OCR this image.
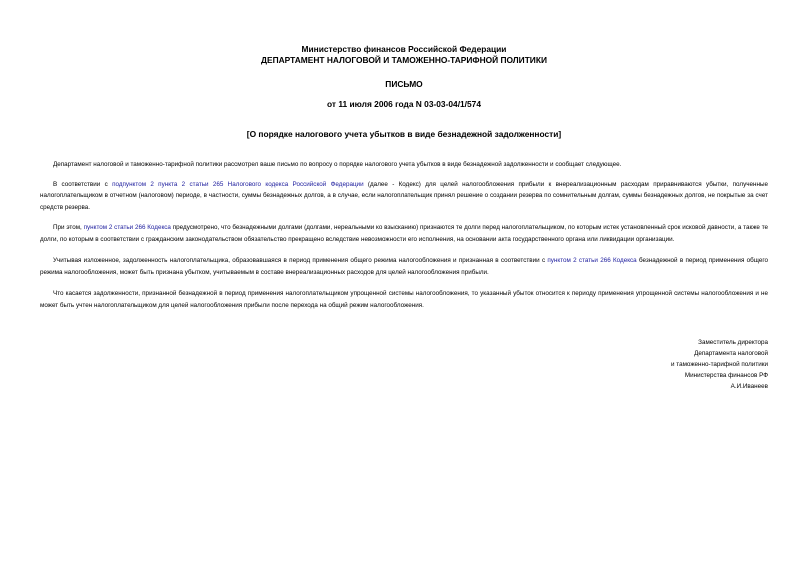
Министерство финансов Российской Федерации
ДЕПАРТАМЕНТ НАЛОГОВОЙ И ТАМОЖЕННО-ТАРИФНОЙ ПОЛИТИКИ
ПИСЬМО
от 11 июля 2006 года N 03-03-04/1/574
[О порядке налогового учета убытков в виде безнадежной задолженности]

Департамент налоговой и таможенно-тарифной политики рассмотрел ваше письмо по вопросу о порядке налогового учета убытков в виде безнадежной задолженности и сообщает следующее.

В соответствии с подпунктом 2 пункта 2 статьи 265 Налогового кодекса Российской Федерации (далее - Кодекс) для целей налогообложения прибыли к внереализационным расходам приравниваются убытки, полученные налогоплательщиком в отчетном (налоговом) периоде, в частности, суммы безнадежных долгов, а в случае, если налогоплательщик принял решение о создании резерва по сомнительным долгам, суммы безнадежных долгов, не покрытые за счет средств резерва.

При этом, пунктом 2 статьи 266 Кодекса предусмотрено, что безнадежными долгами (долгами, нереальными ко взысканию) признаются те долги перед налогоплательщиком, по которым истек установленный срок исковой давности, а также те долги, по которым в соответствии с гражданским законодательством обязательство прекращено вследствие невозможности его исполнения, на основании акта государственного органа или ликвидации организации.

Учитывая изложенное, задолженность налогоплательщика, образовавшаяся в период применения общего режима налогообложения и признанная в соответствии с пунктом 2 статьи 266 Кодекса безнадежной в период применения общего режима налогообложения, может быть признана убытком, учитываемым в составе внереализационных расходов для целей налогообложения прибыли.

Что касается задолженности, признанной безнадежной в период применения налогоплательщиком упрощенной системы налогообложения, то указанный убыток относится к периоду применения упрощенной системы налогообложения и не может быть учтен налогоплательщиком для целей налогообложения прибыли после перехода на общий режим налогообложения.

Заместитель директора
Департамента налоговой
и таможенно-тарифной политики
Министерства финансов РФ
А.И.Иванеев
